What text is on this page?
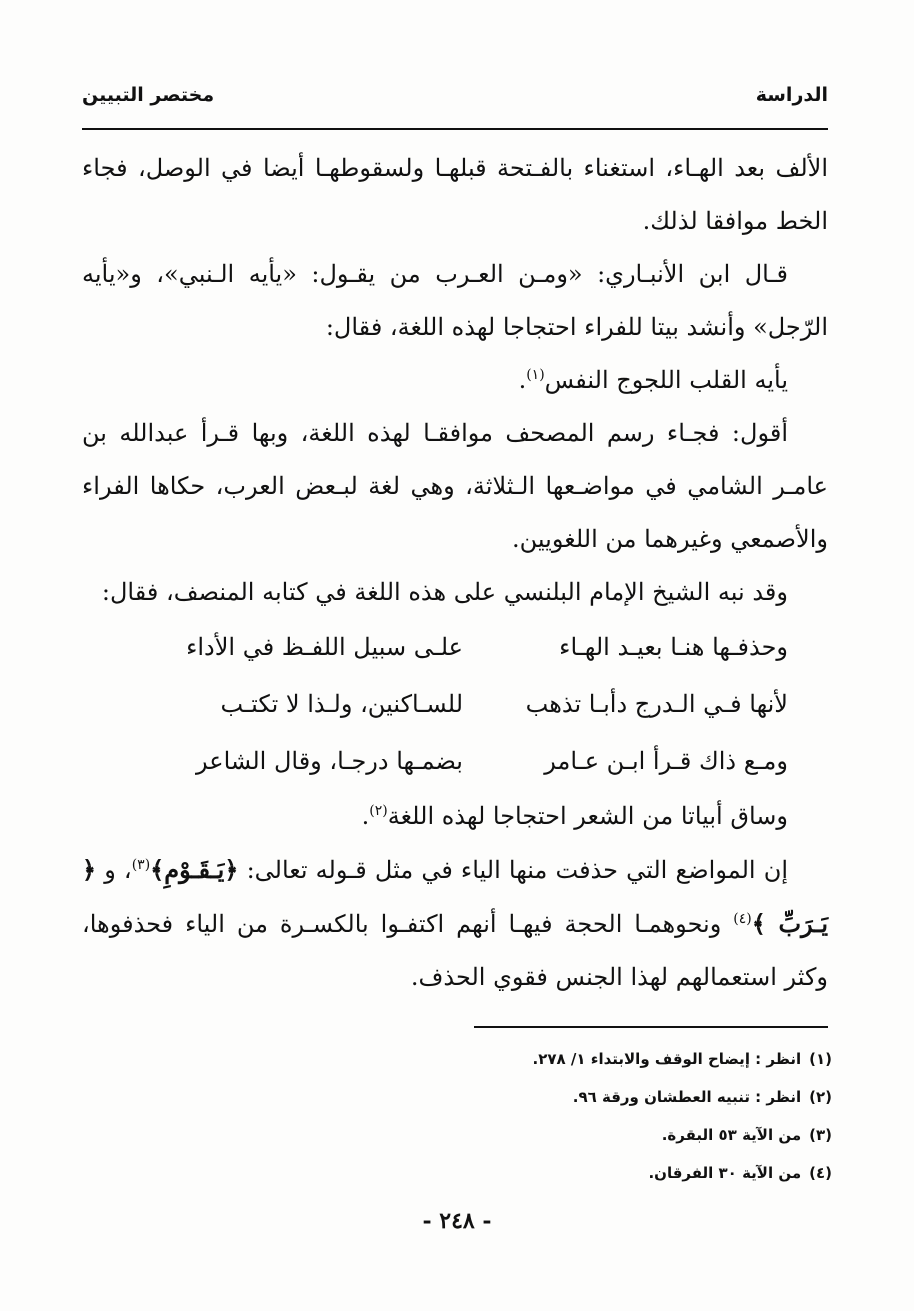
الدراسة
مختصر التبيين

الألف بعد الهـاء، استغناء بالفـتحة قبلهـا ولسقوطهـا أيضا في الوصل، فجاء الخط موافقا لذلك.

قـال ابن الأنبـاري: «ومـن العـرب من يقـول: «يأيه الـنبي»، و«يأيه الرّجل» وأنشد بيتا للفراء احتجاجا لهذه اللغة، فقال:

يأيه القلب اللجوج النفس$^{(١)}$.

أقول: فجـاء رسم المصحف موافقـا لهذه اللغة، وبها قـرأ عبدالله بن عامـر الشامي في مواضـعها الـثلاثة، وهي لغة لبـعض العرب، حكاها الفراء والأصمعي وغيرهما من اللغويين.

وقد نبه الشيخ الإمام البلنسي على هذه اللغة في كتابه المنصف، فقال:

وحذفـها هنـا بعيـد الهـاء
علـى سبيل اللفـظ في الأداء
لأنها فـي الـدرج دأبـا تذهب
للسـاكنين، ولـذا لا تكتـب
ومـع ذاك قـرأ ابـن عـامر
بضمـها درجـا، وقال الشاعر

وساق أبياتا من الشعر احتجاجا لهذه اللغة$^{(٢)}$.

إن المواضع التي حذفت منها الياء في مثل قـوله تعالى: ﴿يَـقَـوْمِ﴾$^{(٣)}$، و ﴿ يَـرَبِّ ﴾$^{(٤)}$ ونحوهمـا الحجة فيهـا أنهم اكتفـوا بالكسـرة من الياء فحذفوها، وكثر استعمالهم لهذا الجنس فقوي الحذف.

(١)انظر : إيضاح الوقف والابتداء ١/ ٢٧٨.
(٢)انظر : تنبيه العطشان ورقة ٩٦.
(٣)من الآية ٥٣ البقرة.
(٤)من الآية ٣٠ الفرقان.
- ٢٤٨ -
